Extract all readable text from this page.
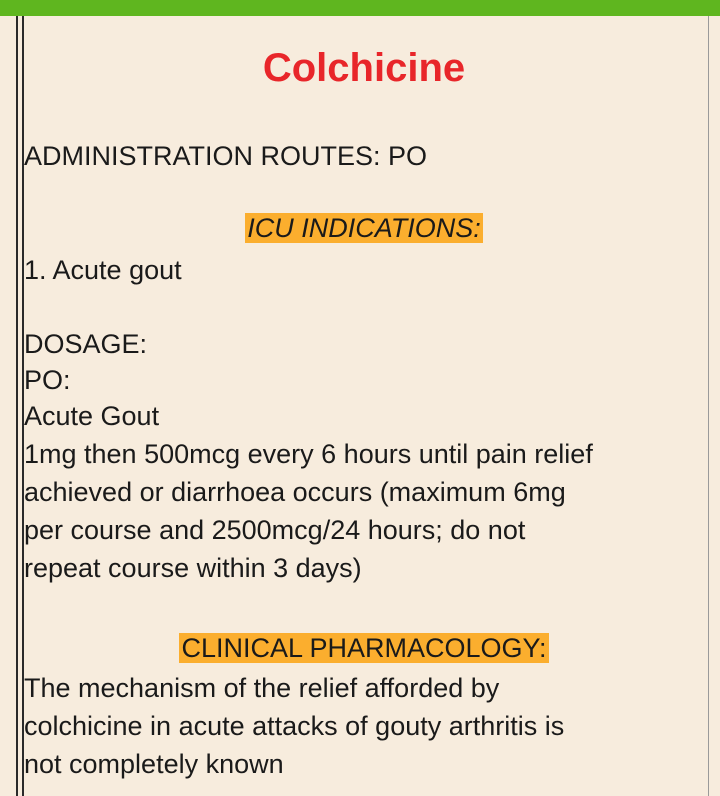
Colchicine
ADMINISTRATION ROUTES: PO
ICU INDICATIONS:
1. Acute gout
DOSAGE:
PO:
Acute Gout
1mg then 500mcg every 6 hours until pain relief
achieved or diarrhoea occurs (maximum 6mg
per course and 2500mcg/24 hours; do not
repeat course within 3 days)
CLINICAL PHARMACOLOGY:
The mechanism of the relief afforded by
colchicine in acute attacks of gouty arthritis is
not completely known
